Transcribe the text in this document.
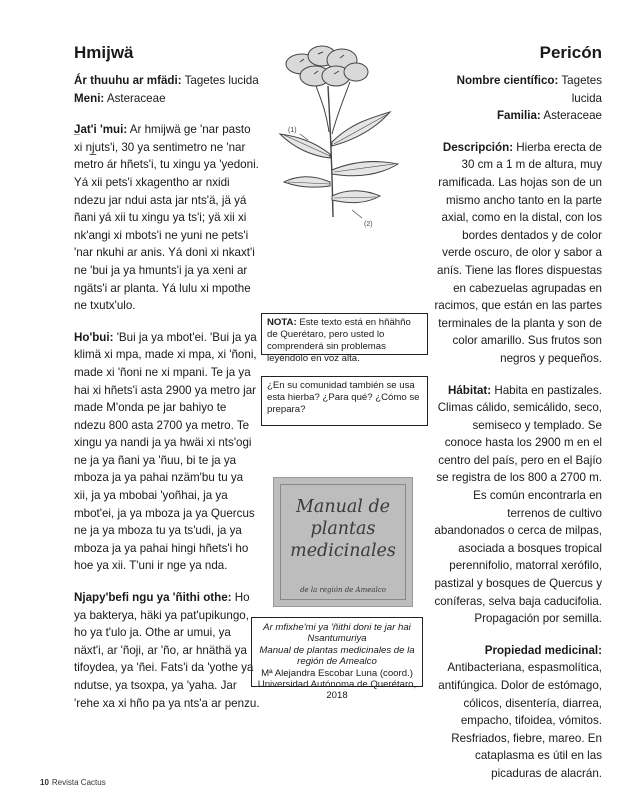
Hmijwä

Ár thuuhu ar mfädi: Tagetes lucida

Meni: Asteraceae

J̲at'i 'mui: Ar hmijwä ge 'nar pasto xi nj̲uts'i, 30 ya sentimetro ne 'nar metro ár hñets'i, tu xingu ya 'yedoni. Yá xii pets'i xkagentho ar nxidi ndezu jar ndui asta jar nts'ä, jä yá ñani yá xii tu xingu ya ts'i; yä xii xi nk'angi xi mbots'i ne yuni ne pets'i 'nar nkuhi ar anis. Yá doni xi nkaxt'i ne 'bui ja ya hmunts'i ja ya xeni ar ngäts'i ar planta. Yá lulu xi mpothe ne txutx'ulo.

Ho'bui: 'Bui ja ya mbot'ei. 'Bui ja ya klimä xi mpa, made xi mpa, xi 'ñoni, made xi 'ñoni ne xi mpani. Te ja ya hai xi hñets'i asta 2900 ya metro jar made M'onda pe jar bahiyo te ndezu 800 asta 2700 ya metro. Te xingu ya nandi ja ya hwäi xi nts'ogi ne ja ya ñani ya 'ñuu, bi te ja ya mboza ja ya pahai nzäm'bu tu ya xii, ja ya mbobai 'yoñhai, ja ya mbot'ei, ja ya mboza ja ya Quercus ne ja ya mboza tu ya ts'udi, ja ya mboza ja ya pahai hingi hñets'i ho hoe ya xii. T'uni ir nge ya nda.

Njapy'befi ngu ya 'ñithi othe: Ho ya bakterya, häki ya pat'upikungo, ho ya t'ulo ja. Othe ar umui, ya näxt'i, ar 'ñoji, ar 'ño, ar hnäthä ya tifoydea, ya 'ñei. Fats'i da 'yothe ya ndutse, ya tsoxpa, ya 'yaha. Jar 'rehe xa xi hño pa ya nts'a ar penzu.

(1)
(2)
NOTA: Este texto está en hñähño de Querétaro, pero usted lo comprenderá sin problemas leyéndolo en voz alta.
¿En su comunidad también se usa esta hierba? ¿Para qué? ¿Cómo se prepara?
Manual de
plantas
medicinales
de la región de Amealco
Ar mfixhe'mi ya 'ñithi doni te jar hai Nsantumuriya
Manual de plantas medicinales de la región de Amealco
Mª Alejandra Escobar Luna (coord.)
Universidad Autónoma de Querétaro, 2018
Pericón

Nombre científico: Tagetes lucida

Familia: Asteraceae

Descripción: Hierba erecta de 30 cm a 1 m de altura, muy ramificada. Las hojas son de un mismo ancho tanto en la parte axial, como en la distal, con los bordes dentados y de color verde oscuro, de olor y sabor a anís. Tiene las flores dispuestas en cabezuelas agrupadas en racimos, que están en las partes terminales de la planta y son de color amarillo. Sus frutos son negros y pequeños.

Hábitat: Habita en pastizales. Climas cálido, semicálido, seco, semiseco y templado. Se conoce hasta los 2900 m en el centro del país, pero en el Bajío se registra de los 800 a 2700 m. Es común encontrarla en terrenos de cultivo abandonados o cerca de milpas, asociada a bosques tropical perennifolio, matorral xerófilo, pastizal y bosques de Quercus y coníferas, selva baja caducifolia. Propagación por semilla.

Propiedad medicinal: Antibacteriana, espasmolítica, antifúngica. Dolor de estómago, cólicos, disentería, diarrea, empacho, tifoidea, vómitos. Resfriados, fiebre, mareo. En cataplasma es útil en las picaduras de alacrán.

10 Revista Cactus
